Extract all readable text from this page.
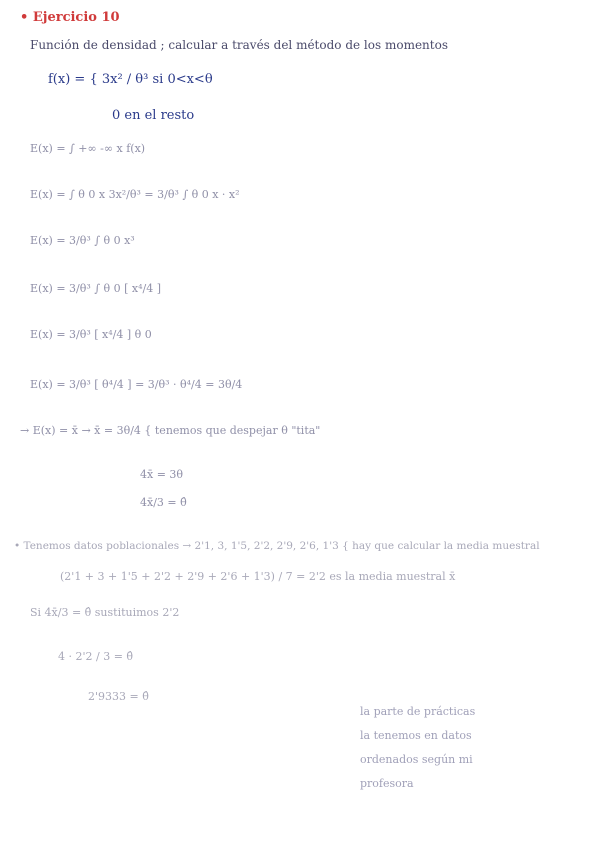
• Ejercicio 10
Función de densidad ; calcular a través del método de los momentos
f(x) = { 3x² / θ³ si 0<x<θ
0 en el resto
E(x) = ∫ +∞ -∞ x f(x)
E(x) = ∫ θ 0 x 3x²/θ³ = 3/θ³ ∫ θ 0 x · x²
E(x) = 3/θ³ ∫ θ 0 x³
E(x) = 3/θ³ ∫ θ 0 [ x⁴/4 ]
E(x) = 3/θ³ [ x⁴/4 ] θ 0
E(x) = 3/θ³ [ θ⁴/4 ] = 3/θ³ · θ⁴/4 = 3θ/4
→ E(x) = x̄ → x̄ = 3θ/4 { tenemos que despejar θ "tita"
4x̄ = 3θ
4x̄/3 = θ̂
• Tenemos datos poblacionales → 2'1, 3, 1'5, 2'2, 2'9, 2'6, 1'3 { hay que calcular la media muestral
(2'1 + 3 + 1'5 + 2'2 + 2'9 + 2'6 + 1'3) / 7 = 2'2 es la media muestral x̄
Si 4x̄/3 = θ̂ sustituimos 2'2
4 · 2'2 / 3 = θ̂
2'9333 = θ̂
la parte de prácticas
la tenemos en datos
ordenados según mi
profesora
